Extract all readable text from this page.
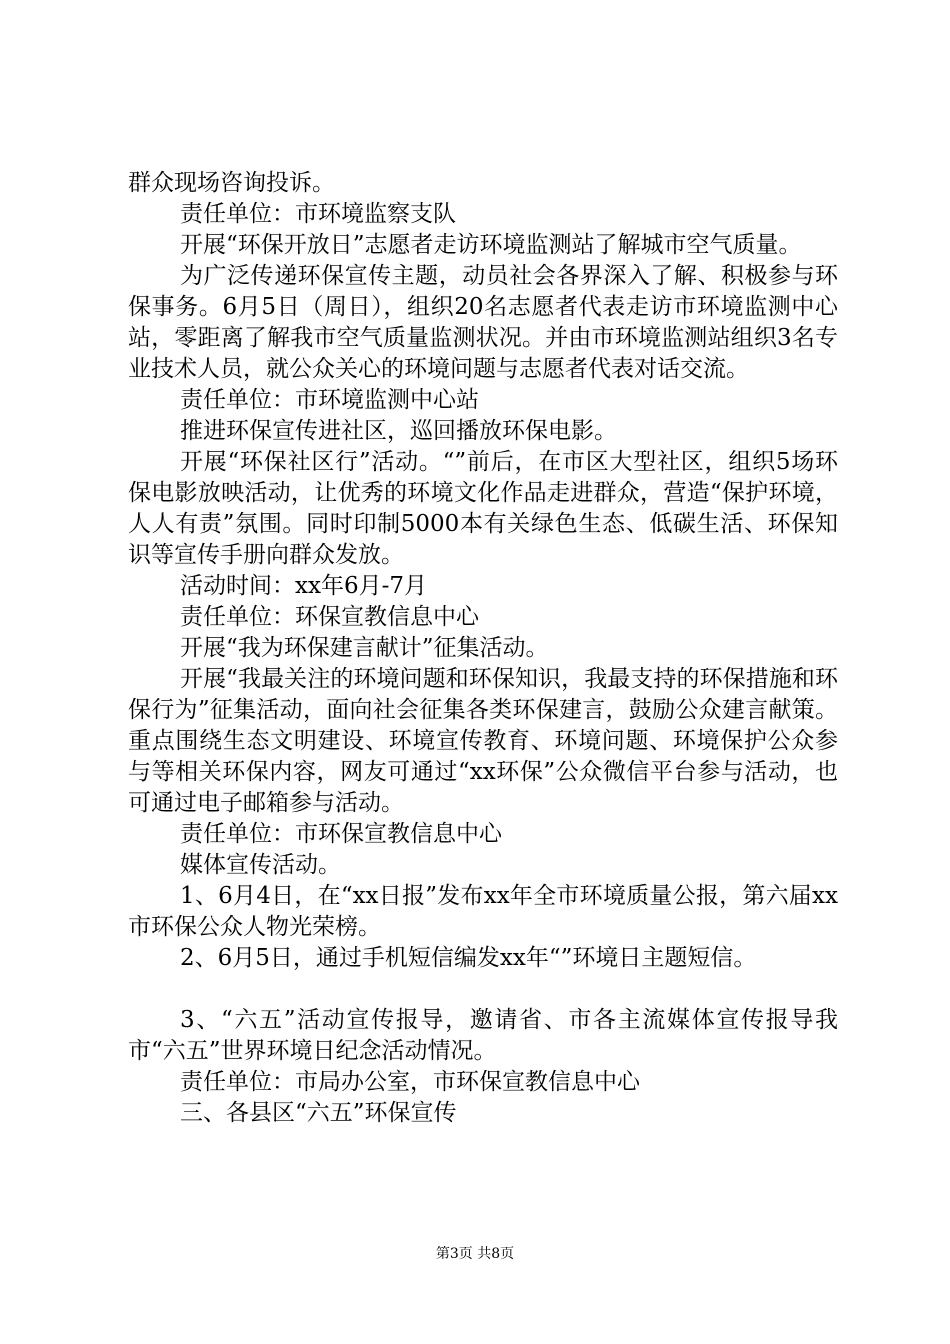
群众现场咨询投诉。

责任单位：市环境监察支队

开展“环保开放日”志愿者走访环境监测站了解城市空气质量。

为广泛传递环保宣传主题，动员社会各界深入了解、积极参与环保事务。6月5日（周日），组织20名志愿者代表走访市环境监测中心站，零距离了解我市空气质量监测状况。并由市环境监测站组织3名专业技术人员，就公众关心的环境问题与志愿者代表对话交流。

责任单位：市环境监测中心站

推进环保宣传进社区，巡回播放环保电影。

开展“环保社区行”活动。“”前后，在市区大型社区，组织5场环保电影放映活动，让优秀的环境文化作品走进群众，营造“保护环境，人人有责”氛围。同时印制5000本有关绿色生态、低碳生活、环保知识等宣传手册向群众发放。

活动时间：xx年6月-7月

责任单位：环保宣教信息中心

开展“我为环保建言献计”征集活动。

开展“我最关注的环境问题和环保知识，我最支持的环保措施和环保行为”征集活动，面向社会征集各类环保建言，鼓励公众建言献策。重点围绕生态文明建设、环境宣传教育、环境问题、环境保护公众参与等相关环保内容，网友可通过“xx环保”公众微信平台参与活动，也可通过电子邮箱参与活动。

责任单位：市环保宣教信息中心

媒体宣传活动。

1、6月4日，在“xx日报”发布xx年全市环境质量公报，第六届xx市环保公众人物光荣榜。

2、6月5日，通过手机短信编发xx年“”环境日主题短信。

3、“六五”活动宣传报导，邀请省、市各主流媒体宣传报导我市“六五”世界环境日纪念活动情况。

责任单位：市局办公室，市环保宣教信息中心

三、各县区“六五”环保宣传

第3页 共8页
